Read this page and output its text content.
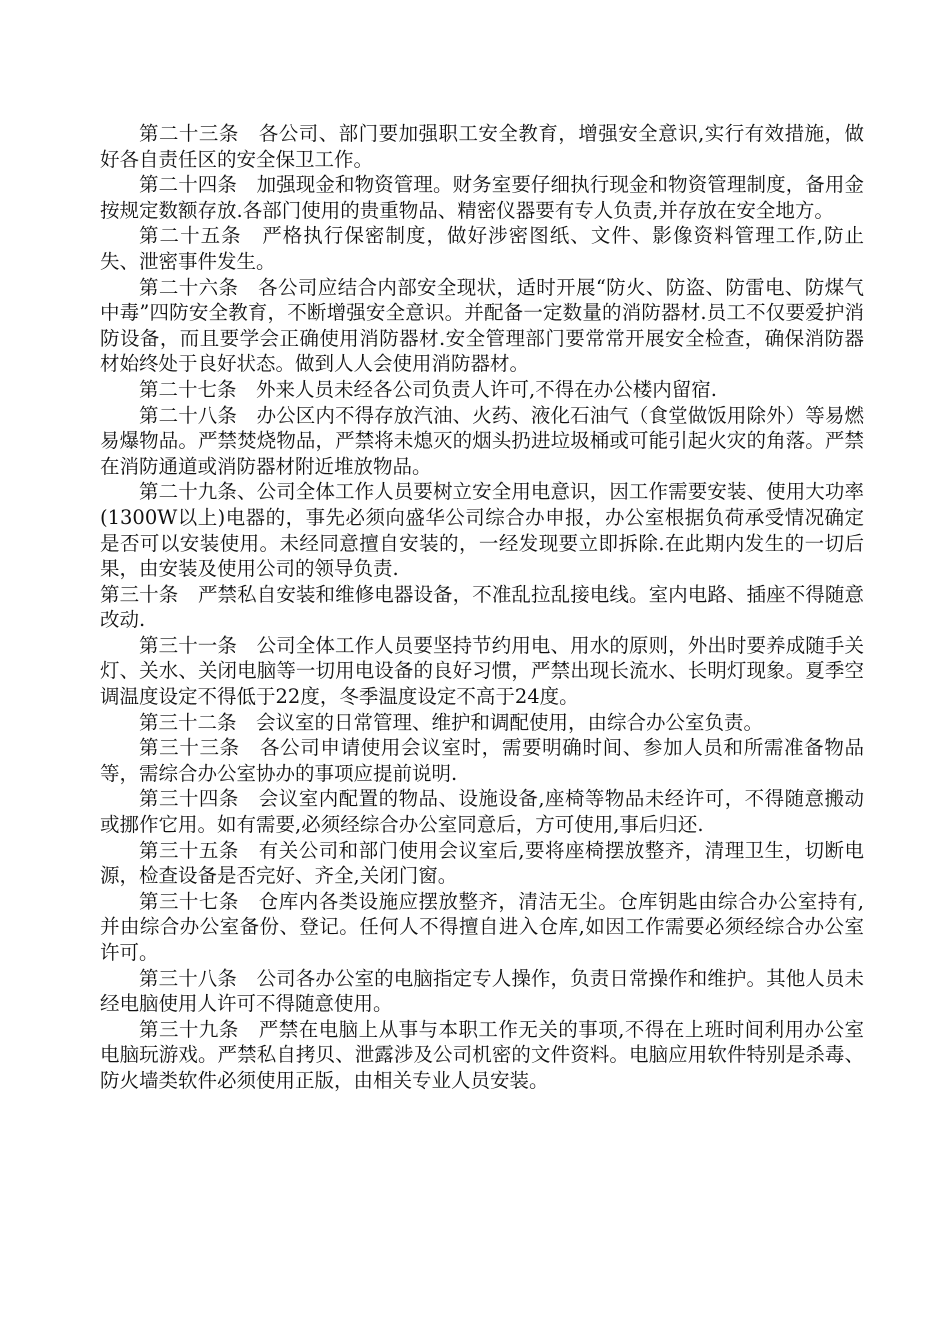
第二十三条　各公司、部门要加强职工安全教育，增强安全意识,实行有效措施，做好各自责任区的安全保卫工作。

第二十四条　加强现金和物资管理。财务室要仔细执行现金和物资管理制度，备用金按规定数额存放.各部门使用的贵重物品、精密仪器要有专人负责,并存放在安全地方。

第二十五条　严格执行保密制度，做好涉密图纸、文件、影像资料管理工作,防止失、泄密事件发生。

第二十六条　各公司应结合内部安全现状，适时开展“防火、防盗、防雷电、防煤气中毒”四防安全教育，不断增强安全意识。并配备一定数量的消防器材.员工不仅要爱护消防设备，而且要学会正确使用消防器材.安全管理部门要常常开展安全检查，确保消防器材始终处于良好状态。做到人人会使用消防器材。

第二十七条　外来人员未经各公司负责人许可,不得在办公楼内留宿.

第二十八条　办公区内不得存放汽油、火药、液化石油气（食堂做饭用除外）等易燃易爆物品。严禁焚烧物品，严禁将未熄灭的烟头扔进垃圾桶或可能引起火灾的角落。严禁在消防通道或消防器材附近堆放物品。

第二十九条、公司全体工作人员要树立安全用电意识，因工作需要安装、使用大功率(1300W以上)电器的，事先必须向盛华公司综合办申报，办公室根据负荷承受情况确定是否可以安装使用。未经同意擅自安装的，一经发现要立即拆除.在此期内发生的一切后果，由安装及使用公司的领导负责.

第三十条　严禁私自安装和维修电器设备，不准乱拉乱接电线。室内电路、插座不得随意改动.

第三十一条　公司全体工作人员要坚持节约用电、用水的原则，外出时要养成随手关灯、关水、关闭电脑等一切用电设备的良好习惯，严禁出现长流水、长明灯现象。夏季空调温度设定不得低于22度，冬季温度设定不高于24度。

第三十二条　会议室的日常管理、维护和调配使用，由综合办公室负责。

第三十三条　各公司申请使用会议室时，需要明确时间、参加人员和所需准备物品等，需综合办公室协办的事项应提前说明.

第三十四条　会议室内配置的物品、设施设备,座椅等物品未经许可，不得随意搬动或挪作它用。如有需要,必须经综合办公室同意后，方可使用,事后归还.

第三十五条　有关公司和部门使用会议室后,要将座椅摆放整齐，清理卫生，切断电源，检查设备是否完好、齐全,关闭门窗。

第三十七条　仓库内各类设施应摆放整齐，清洁无尘。仓库钥匙由综合办公室持有,并由综合办公室备份、登记。任何人不得擅自进入仓库,如因工作需要必须经综合办公室许可。

第三十八条　公司各办公室的电脑指定专人操作，负责日常操作和维护。其他人员未经电脑使用人许可不得随意使用。

第三十九条　严禁在电脑上从事与本职工作无关的事项,不得在上班时间利用办公室电脑玩游戏。严禁私自拷贝、泄露涉及公司机密的文件资料。电脑应用软件特别是杀毒、防火墙类软件必须使用正版，由相关专业人员安装。
